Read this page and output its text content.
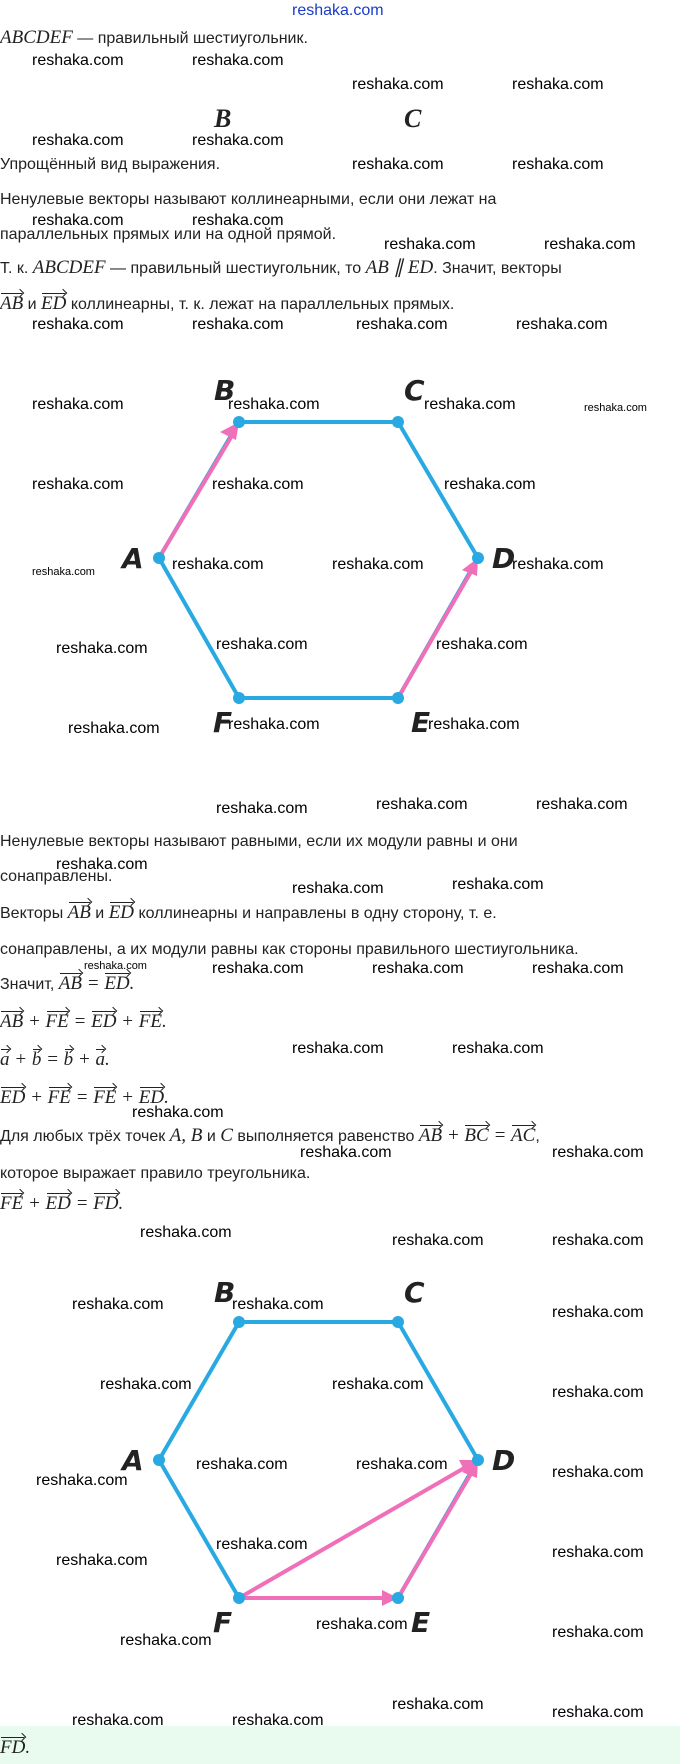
reshaka.com
ABCDEF — правильный шестиугольник.
B	C
Упрощённый вид выражения.
Ненулевые векторы называют коллинеарными, если они лежат на
параллельных прямых или на одной прямой.
Т. к. ABCDEF — правильный шестиугольник, то AB ∥ ED. Значит, векторы
AB и ED коллинеарны, т. к. лежат на параллельных прямых.
B	C
D
E
F
A
Ненулевые векторы называют равными, если их модули равны и они
сонаправлены.
Векторы AB и ED коллинеарны и направлены в одну сторону, т. е.
сонаправлены, а их модули равны как стороны правильного шестиугольника.
Значит, AB = ED.
AB + FE = ED + FE.
a + b = b + a.
ED + FE = FE + ED.
Для любых трёх точек A, B и C выполняется равенство AB + BC = AC,
которое выражает правило треугольника.
FE + ED = FD.
B	C
D
E
F
A
FD.
reshaka.com	reshaka.com
reshaka.com	reshaka.com
reshaka.com	reshaka.com
reshaka.com	reshaka.com
reshaka.com	reshaka.com
reshaka.com	reshaka.com
reshaka.com	reshaka.com	reshaka.com	reshaka.com
reshaka.com	reshaka.com	reshaka.com	reshaka.com
reshaka.com	reshaka.com	reshaka.com
reshaka.com	reshaka.com	reshaka.com	reshaka.com
reshaka.com	reshaka.com	reshaka.com
reshaka.com	reshaka.com	reshaka.com
reshaka.com	reshaka.com	reshaka.com
reshaka.com
reshaka.com	reshaka.com
reshaka.com	reshaka.com	reshaka.com	reshaka.com
reshaka.com	reshaka.com
reshaka.com
reshaka.com	reshaka.com
reshaka.com	reshaka.com	reshaka.com
reshaka.com	reshaka.com	reshaka.com
reshaka.com	reshaka.com	reshaka.com
reshaka.com	reshaka.com
reshaka.com	reshaka.com
reshaka.com
reshaka.com	reshaka.com
reshaka.com
reshaka.com	reshaka.com
reshaka.com
reshaka.com	reshaka.com	reshaka.com
